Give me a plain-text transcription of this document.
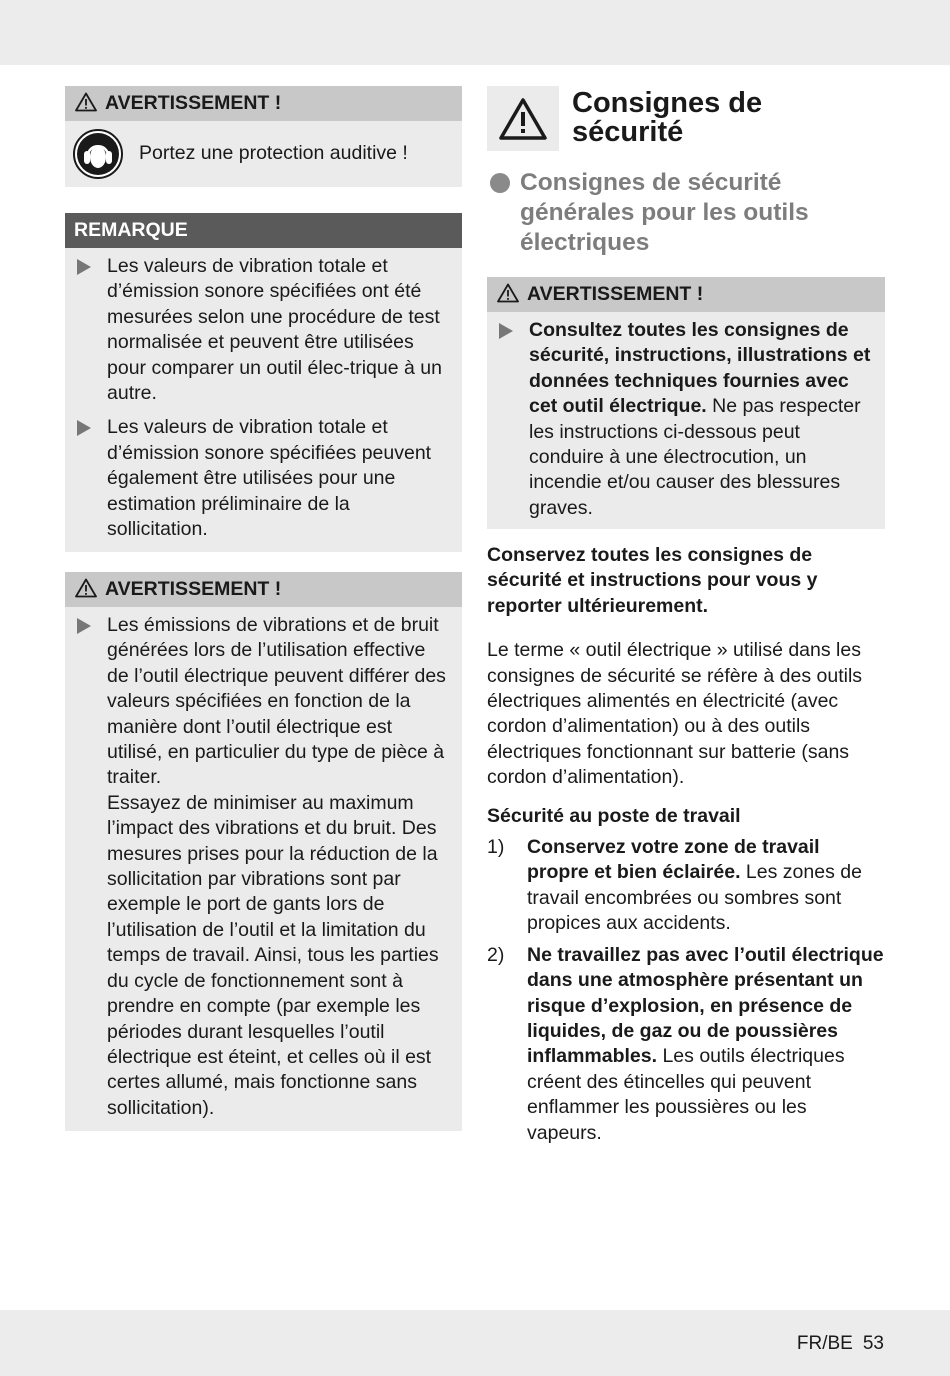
AVERTISSEMENT !
Portez une protection auditive !
REMARQUE
Les valeurs de vibration totale et d’émission sonore spécifiées ont été mesurées selon une procédure de test normalisée et peuvent être utilisées pour comparer un outil élec-trique à un autre.
Les valeurs de vibration totale et d’émission sonore spécifiées peuvent également être utilisées pour une estimation préliminaire de la sollicitation.
AVERTISSEMENT !

Les émissions de vibrations et de bruit générées lors de l’utilisation effective de l’outil électrique peuvent différer des valeurs spécifiées en fonction de la manière dont l’outil électrique est utilisé, en particulier du type de pièce à traiter.

Essayez de minimiser au maximum l’impact des vibrations et du bruit. Des mesures prises pour la réduction de la sollicitation par vibrations sont par exemple le port de gants lors de l’utilisation de l’outil et la limitation du temps de travail. Ainsi, tous les parties du cycle de fonctionnement sont à prendre en compte (par exemple les périodes durant lesquelles l’outil électrique est éteint, et celles où il est certes allumé, mais fonctionne sans sollicitation).

Consignes de
sécurité
Consignes de sécurité générales pour les outils électriques
AVERTISSEMENT !
Consultez toutes les consignes de sécurité, instructions, illustrations et données techniques fournies avec cet outil électrique. Ne pas respecter les instructions ci-dessous peut conduire à une électrocution, un incendie et/ou causer des blessures graves.

Conservez toutes les consignes de sécurité et instructions pour vous y reporter ultérieurement.

Le terme « outil électrique » utilisé dans les consignes de sécurité se réfère à des outils électriques alimentés en électricité (avec cordon d’alimentation) ou à des outils électriques fonctionnant sur batterie (sans cordon d’alimentation).

Sécurité au poste de travail

1) Conservez votre zone de travail propre et bien éclairée. Les zones de travail encombrées ou sombres sont propices aux accidents.
2) Ne travaillez pas avec l’outil électrique dans une atmosphère présentant un risque d’explosion, en présence de liquides, de gaz ou de poussières inflammables. Les outils électriques créent des étincelles qui peuvent enflammer les poussières ou les vapeurs.
FR/BE 53
